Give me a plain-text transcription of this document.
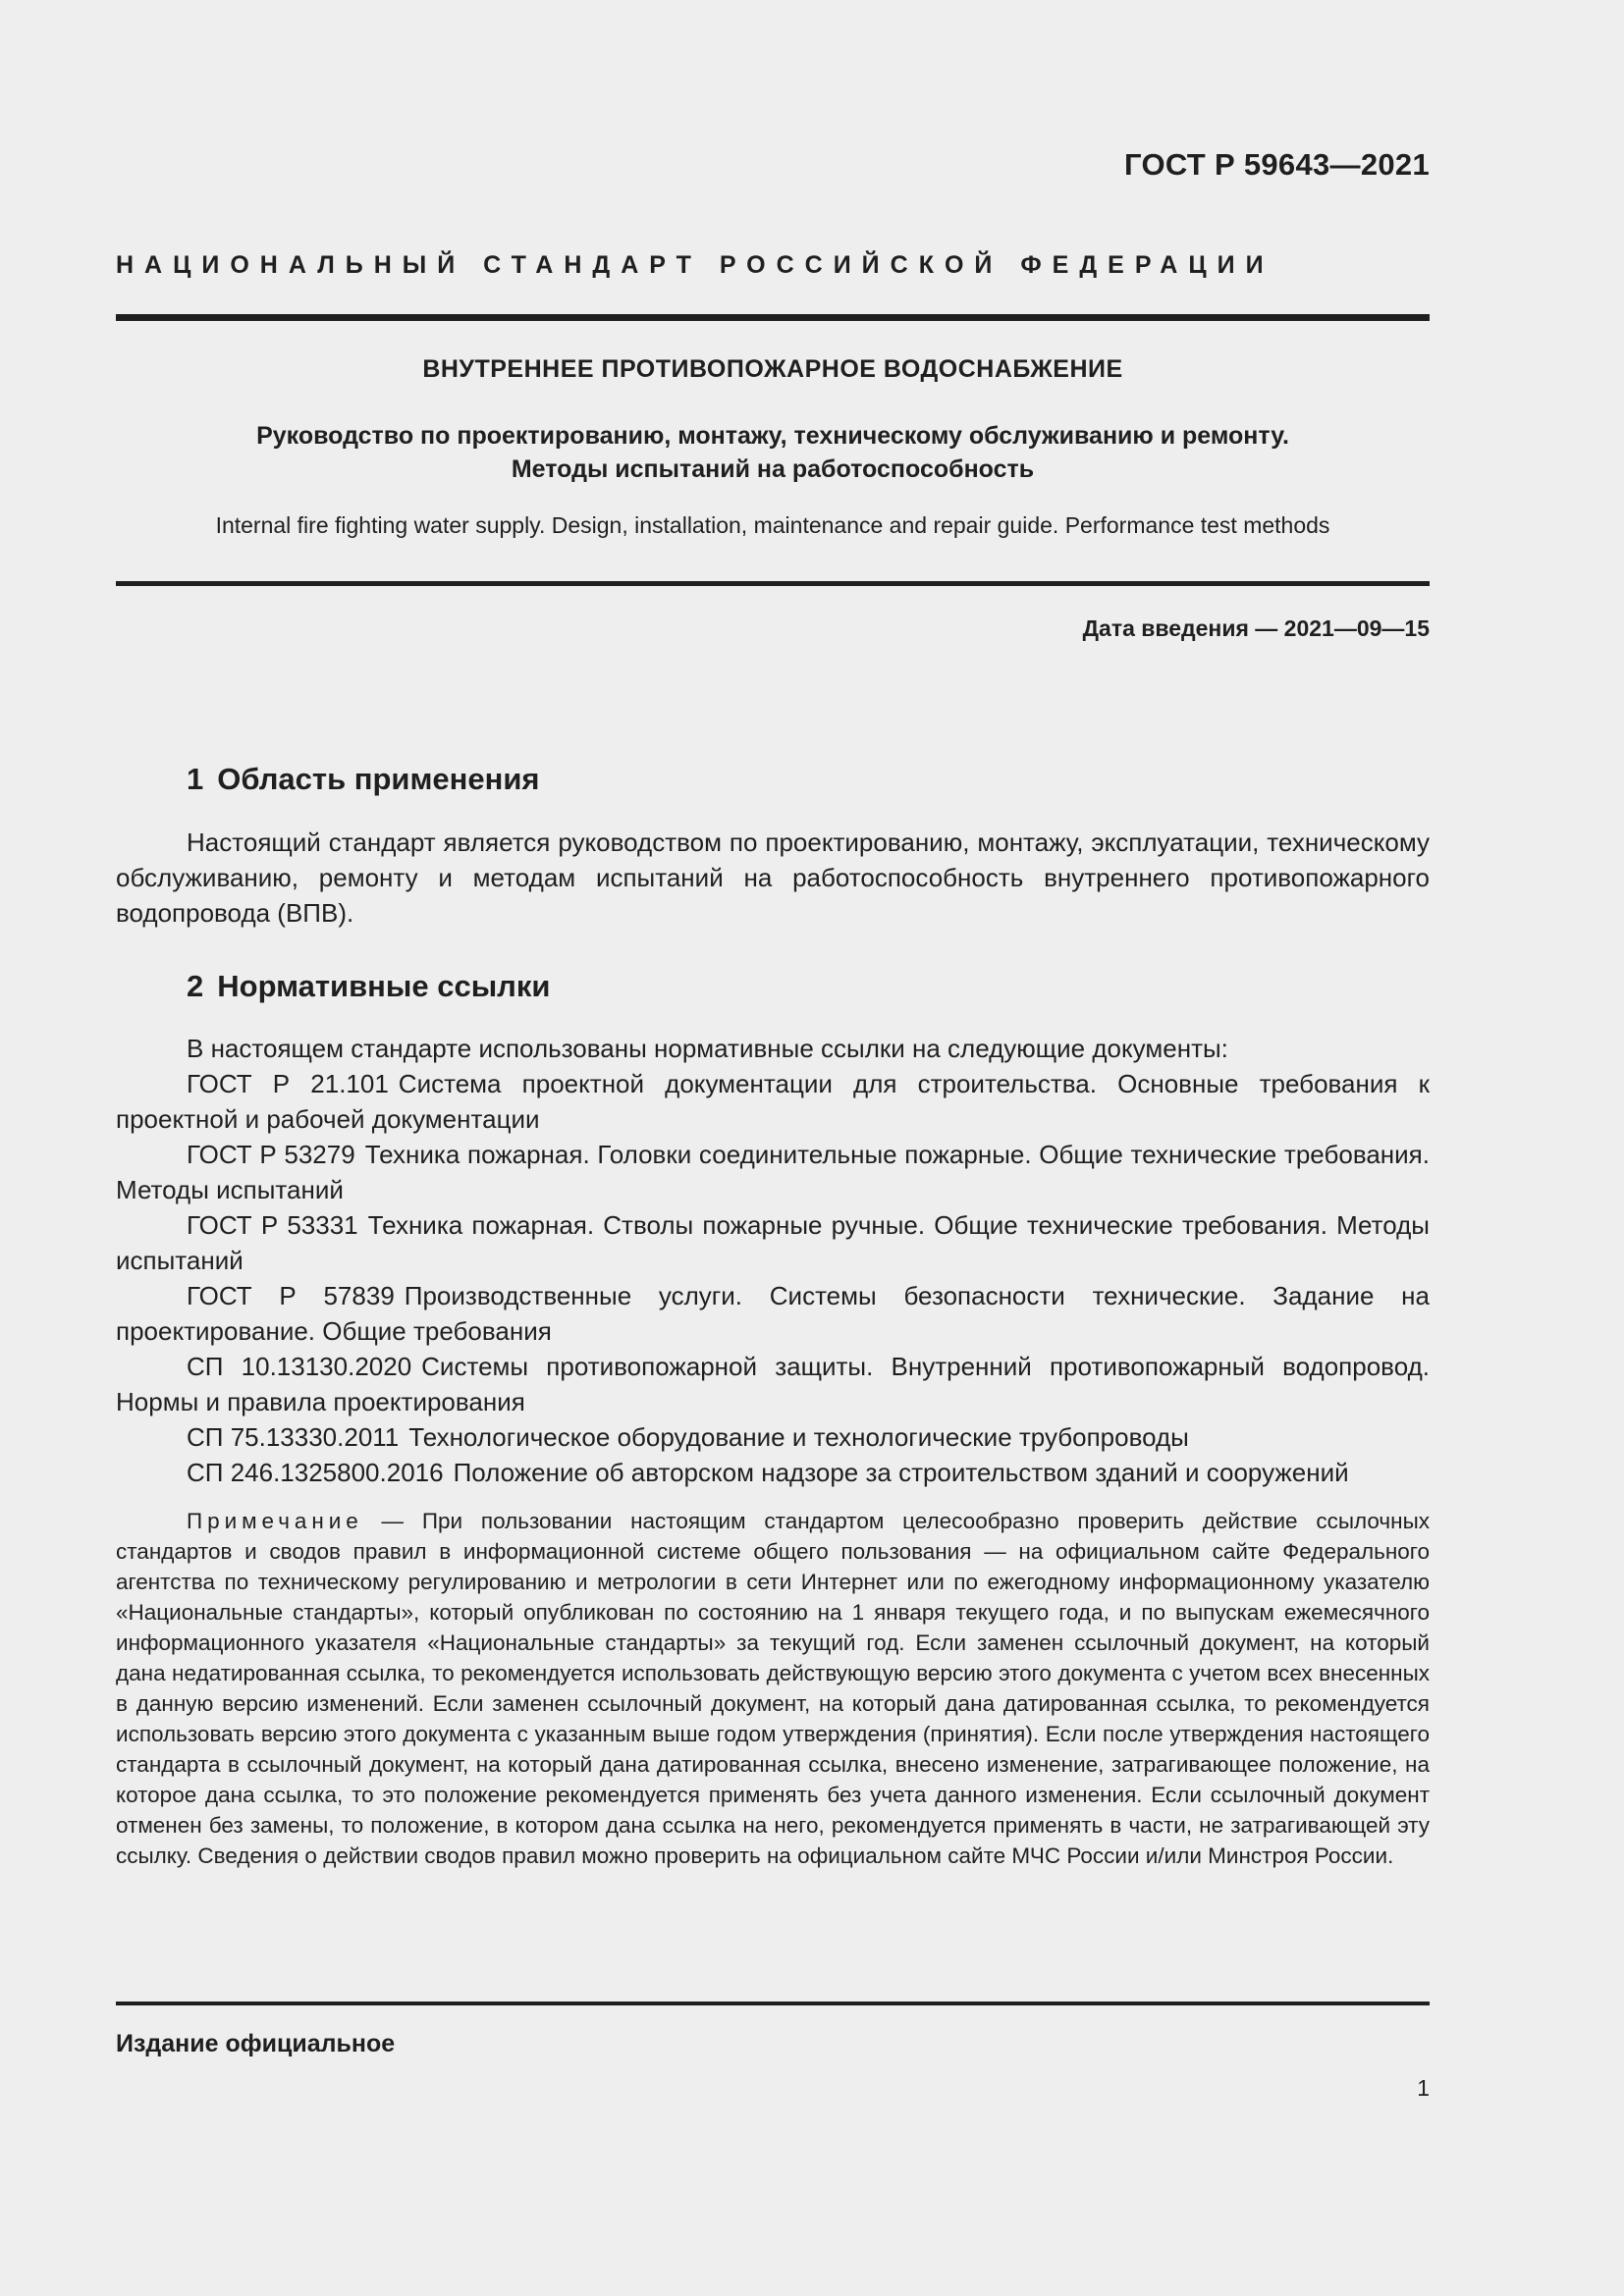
ГОСТ Р 59643—2021
НАЦИОНАЛЬНЫЙ СТАНДАРТ РОССИЙСКОЙ ФЕДЕРАЦИИ
ВНУТРЕННЕЕ ПРОТИВОПОЖАРНОЕ ВОДОСНАБЖЕНИЕ
Руководство по проектированию, монтажу, техническому обслуживанию и ремонту.
Методы испытаний на работоспособность
Internal fire fighting water supply. Design, installation, maintenance and repair guide. Performance test methods
Дата введения — 2021—09—15
1 Область применения

Настоящий стандарт является руководством по проектированию, монтажу, эксплуатации, техническому обслуживанию, ремонту и методам испытаний на работоспособность внутреннего противопожарного водопровода (ВПВ).

2 Нормативные ссылки

В настоящем стандарте использованы нормативные ссылки на следующие документы:

ГОСТ Р 21.101 Система проектной документации для строительства. Основные требования к проектной и рабочей документации

ГОСТ Р 53279 Техника пожарная. Головки соединительные пожарные. Общие технические требования. Методы испытаний

ГОСТ Р 53331 Техника пожарная. Стволы пожарные ручные. Общие технические требования. Методы испытаний

ГОСТ Р 57839 Производственные услуги. Системы безопасности технические. Задание на проектирование. Общие требования

СП 10.13130.2020 Системы противопожарной защиты. Внутренний противопожарный водопровод. Нормы и правила проектирования

СП 75.13330.2011 Технологическое оборудование и технологические трубопроводы

СП 246.1325800.2016 Положение об авторском надзоре за строительством зданий и сооружений

Примечание — При пользовании настоящим стандартом целесообразно проверить действие ссылочных стандартов и сводов правил в информационной системе общего пользования — на официальном сайте Федерального агентства по техническому регулированию и метрологии в сети Интернет или по ежегодному информационному указателю «Национальные стандарты», который опубликован по состоянию на 1 января текущего года, и по выпускам ежемесячного информационного указателя «Национальные стандарты» за текущий год. Если заменен ссылочный документ, на который дана недатированная ссылка, то рекомендуется использовать действующую версию этого документа с учетом всех внесенных в данную версию изменений. Если заменен ссылочный документ, на который дана датированная ссылка, то рекомендуется использовать версию этого документа с указанным выше годом утверждения (принятия). Если после утверждения настоящего стандарта в ссылочный документ, на который дана датированная ссылка, внесено изменение, затрагивающее положение, на которое дана ссылка, то это положение рекомендуется применять без учета данного изменения. Если ссылочный документ отменен без замены, то положение, в котором дана ссылка на него, рекомендуется применять в части, не затрагивающей эту ссылку. Сведения о действии сводов правил можно проверить на официальном сайте МЧС России и/или Минстроя России.

Издание официальное
1
